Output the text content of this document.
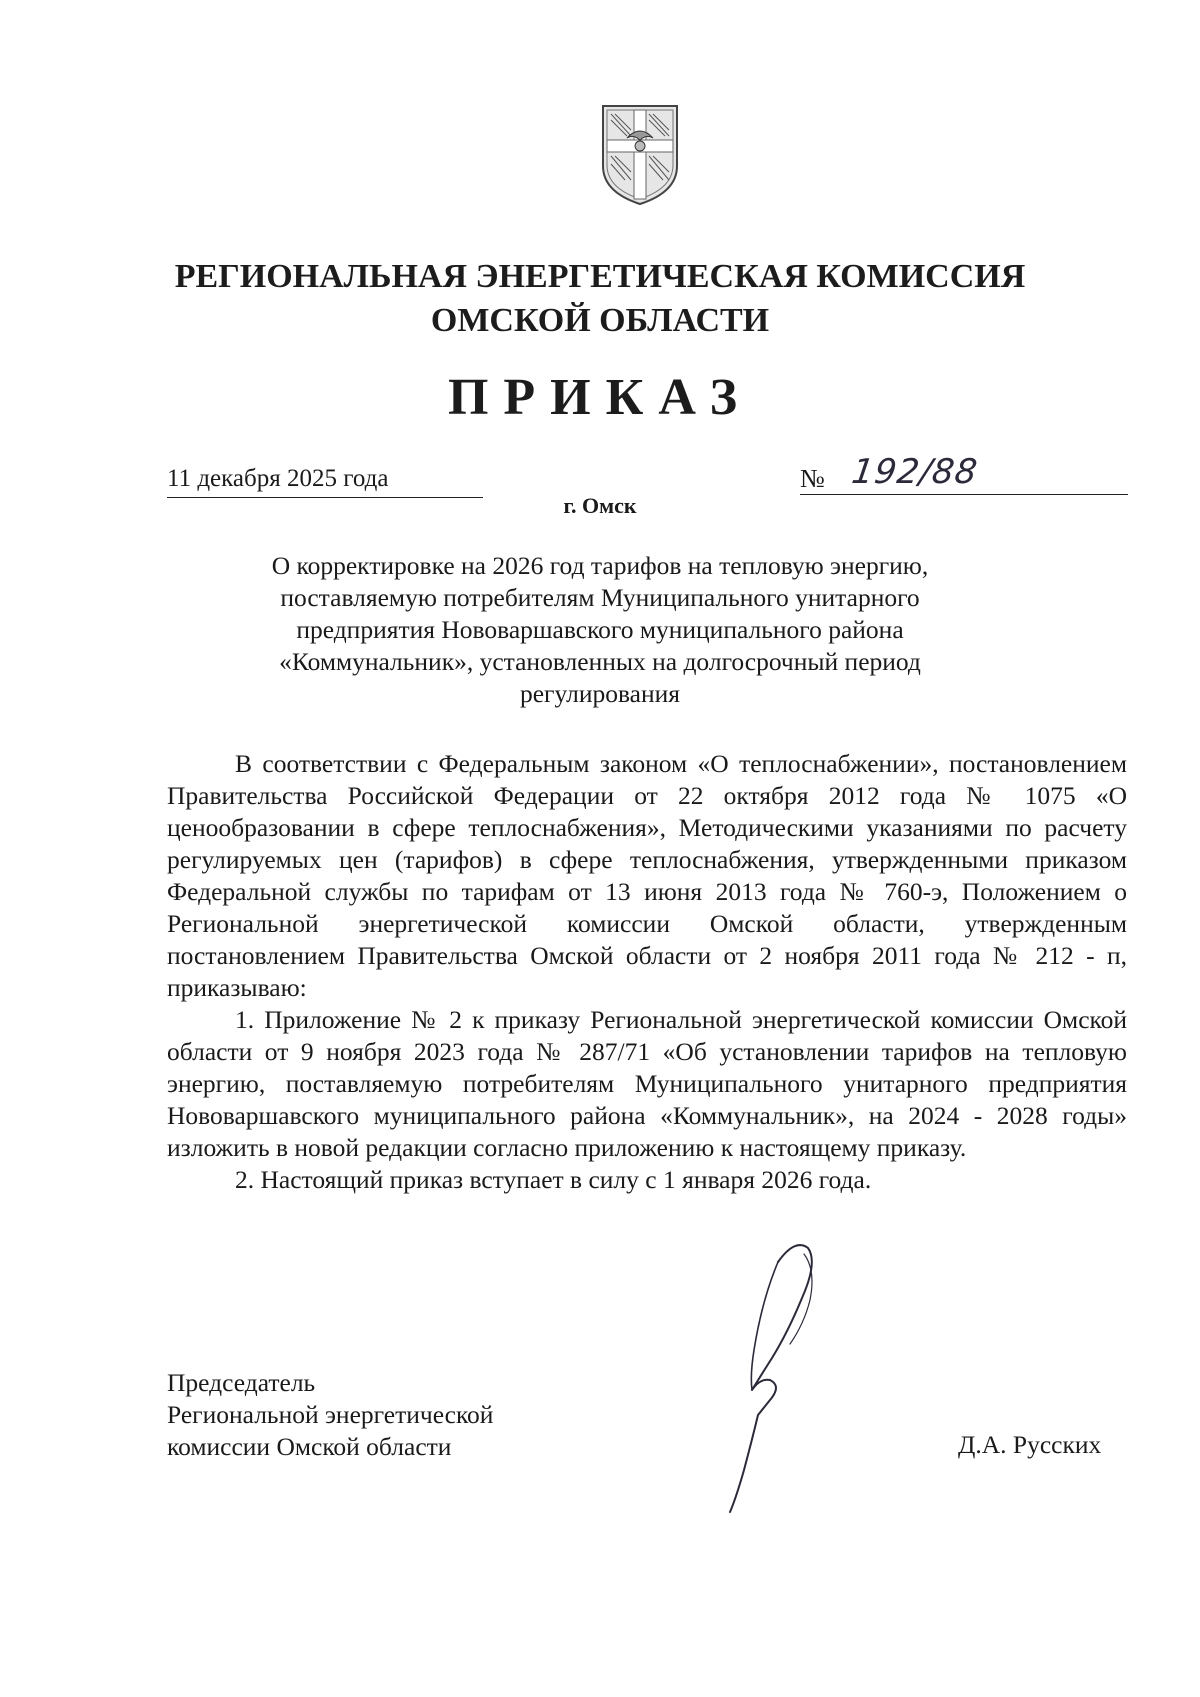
РЕГИОНАЛЬНАЯ ЭНЕРГЕТИЧЕСКАЯ КОМИССИЯ
ОМСКОЙ ОБЛАСТИ
ПРИКАЗ
11 декабря 2025 года	№ 192/88
г. Омск
О корректировке на 2026 год тарифов на тепловую энергию,
поставляемую потребителям Муниципального унитарного
предприятия Нововаршавского муниципального района
«Коммунальник», установленных на долгосрочный период
регулирования

В соответствии с Федеральным законом «О теплоснабжении», постановлением Правительства Российской Федерации от 22 октября 2012 года № 1075 «О ценообразовании в сфере теплоснабжения», Методическими указаниями по расчету регулируемых цен (тарифов) в сфере теплоснабжения, утвержденными приказом Федеральной службы по тарифам от 13 июня 2013 года № 760-э, Положением о Региональной энергетической комиссии Омской области, утвержденным постановлением Правительства Омской области от 2 ноября 2011 года № 212 - п, приказываю:

1. Приложение № 2 к приказу Региональной энергетической комиссии Омской области от 9 ноября 2023 года № 287/71 «Об установлении тарифов на тепловую энергию, поставляемую потребителям Муниципального унитарного предприятия Нововаршавского муниципального района «Коммунальник», на 2024 - 2028 годы» изложить в новой редакции согласно приложению к настоящему приказу.

2. Настоящий приказ вступает в силу с 1 января 2026 года.

Председатель
Региональной энергетической
комиссии Омской области	Д.А. Русских
